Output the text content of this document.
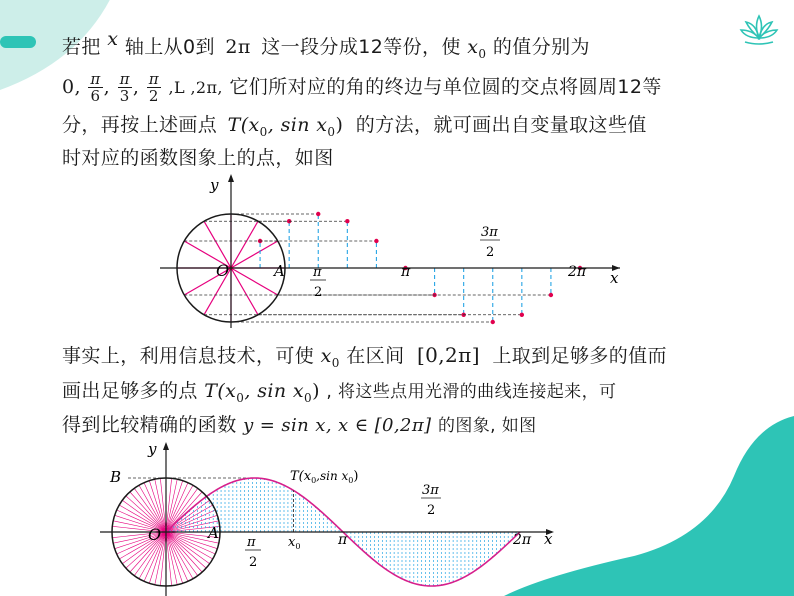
若把 x 轴上从0到 2π 这一段分成12等份，使 $x_0$ 的值分别为
0, $\frac{\pi}{6}$ , $\frac{\pi}{3}$ , $\frac{\pi}{2} ,L$ ,2π, 它们所对应的角的终边与单位圆的交点将圆周12等
分，再按上述画点 $T(x_0$, $\sin x_0$) 的方法，就可画出自变量取这些值
时对应的函数图象上的点，如图
y
x
O	A	π	2π
3π
2
π
2
事实上，利用信息技术，可使 $x_0$ 在区间 [0,2π] 上取到足够多的值而
画出足够多的点 $T(x_0$, $\sin x_0$) , 将这些点用光滑的曲线连接起来，可
得到比较精确的函数 y = sin x, x ∈ [0,2π] 的图象, 如图
y
x
O	A
B	$T(x_0,\sin$ $x_0$)
π
2
$x_0$	π
3π
2
2π
